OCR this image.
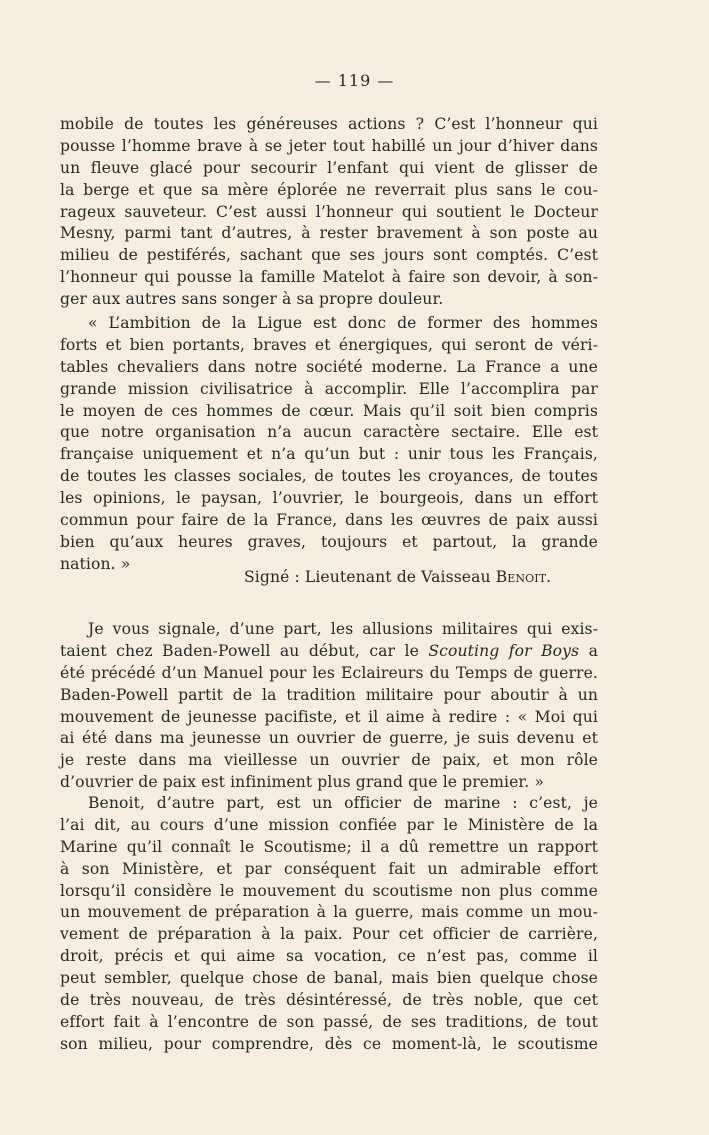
— 119 —
mobile de toutes les généreuses actions ? C’est l’honneur qui
pousse l’homme brave à se jeter tout habillé un jour d’hiver dans
un fleuve glacé pour secourir l’enfant qui vient de glisser de
la berge et que sa mère éplorée ne reverrait plus sans le cou-
rageux sauveteur. C’est aussi l’honneur qui soutient le Docteur
Mesny, parmi tant d’autres, à rester bravement à son poste au
milieu de pestiférés, sachant que ses jours sont comptés. C’est
l’honneur qui pousse la famille Matelot à faire son devoir, à son-
ger aux autres sans songer à sa propre douleur.
« L’ambition de la Ligue est donc de former des hommes
forts et bien portants, braves et énergiques, qui seront de véri-
tables chevaliers dans notre société moderne. La France a une
grande mission civilisatrice à accomplir. Elle l’accomplira par
le moyen de ces hommes de cœur. Mais qu’il soit bien compris
que notre organisation n’a aucun caractère sectaire. Elle est
française uniquement et n’a qu’un but : unir tous les Français,
de toutes les classes sociales, de toutes les croyances, de toutes
les opinions, le paysan, l’ouvrier, le bourgeois, dans un effort
commun pour faire de la France, dans les œuvres de paix aussi
bien qu’aux heures graves, toujours et partout, la grande
nation. »
Signé : Lieutenant de Vaisseau Benoit.
Je vous signale, d’une part, les allusions militaires qui exis-
taient chez Baden-Powell au début, car le Scouting for Boys a
été précédé d’un Manuel pour les Eclaireurs du Temps de guerre.
Baden-Powell partit de la tradition militaire pour aboutir à un
mouvement de jeunesse pacifiste, et il aime à redire : « Moi qui
ai été dans ma jeunesse un ouvrier de guerre, je suis devenu et
je reste dans ma vieillesse un ouvrier de paix, et mon rôle
d’ouvrier de paix est infiniment plus grand que le premier. »
Benoit, d’autre part, est un officier de marine : c’est, je
l’ai dit, au cours d’une mission confiée par le Ministère de la
Marine qu’il connaît le Scoutisme; il a dû remettre un rapport
à son Ministère, et par conséquent fait un admirable effort
lorsqu’il considère le mouvement du scoutisme non plus comme
un mouvement de préparation à la guerre, mais comme un mou-
vement de préparation à la paix. Pour cet officier de carrière,
droit, précis et qui aime sa vocation, ce n’est pas, comme il
peut sembler, quelque chose de banal, mais bien quelque chose
de très nouveau, de très désintéressé, de très noble, que cet
effort fait à l’encontre de son passé, de ses traditions, de tout
son milieu, pour comprendre, dès ce moment-là, le scoutisme
